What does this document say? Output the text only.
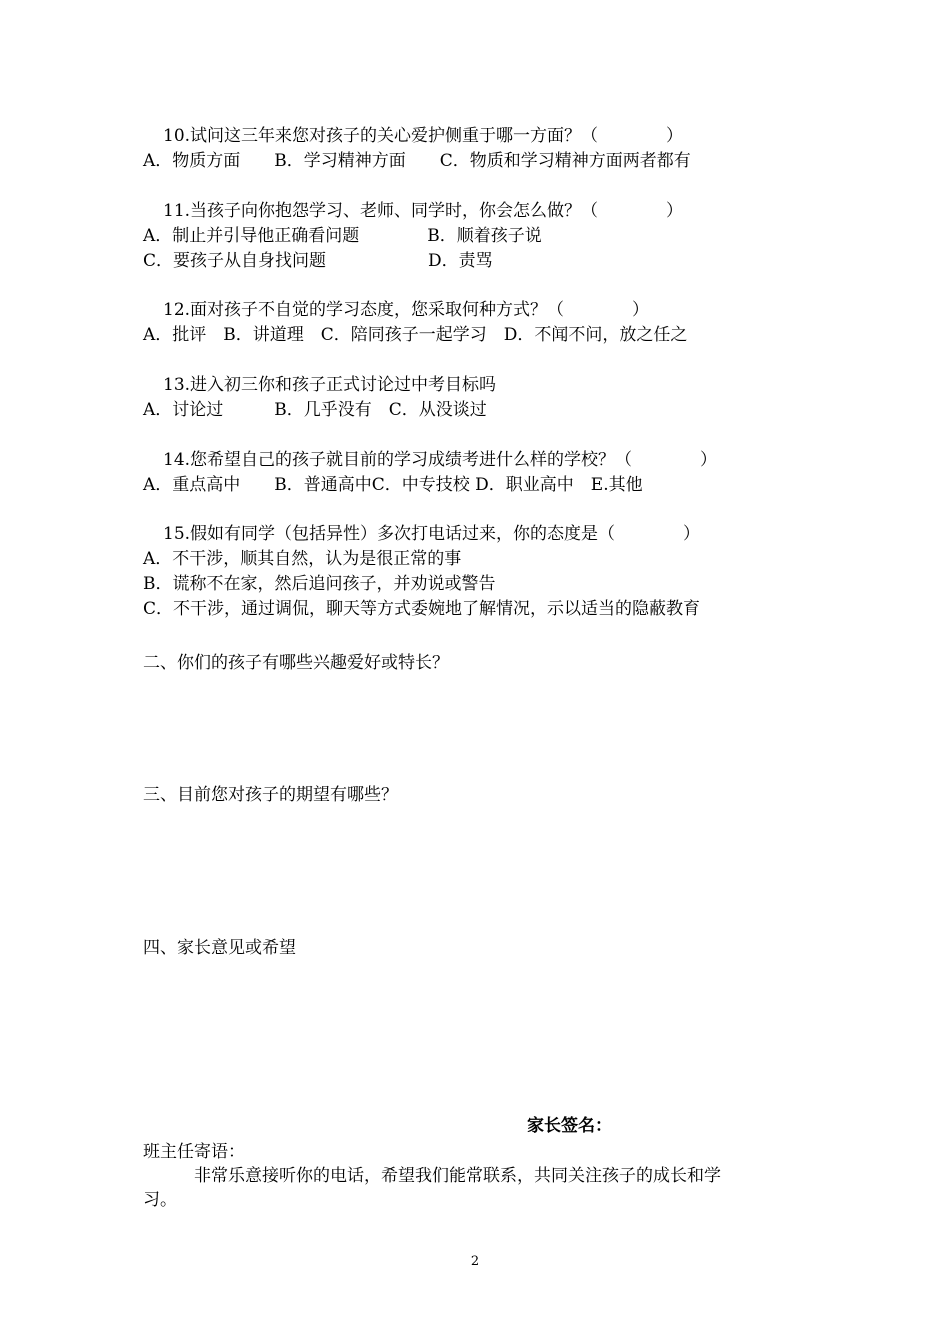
10.试问这三年来您对孩子的关心爱护侧重于哪一方面？（　　　　）
A．物质方面　　B．学习精神方面　　C．物质和学习精神方面两者都有
11.当孩子向你抱怨学习、老师、同学时，你会怎么做？（　　　　）
A．制止并引导他正确看问题　　　　B．顺着孩子说
C．要孩子从自身找问题　　　　　　D．责骂
12.面对孩子不自觉的学习态度，您采取何种方式？（　　　　）
A．批评　B．讲道理　C．陪同孩子一起学习　D．不闻不问，放之任之
13.进入初三你和孩子正式讨论过中考目标吗
A．讨论过　　　B．几乎没有　C．从没谈过
14.您希望自己的孩子就目前的学习成绩考进什么样的学校？（　　　　）
A．重点高中　　B．普通高中C．中专技校 D．职业高中　E.其他
15.假如有同学（包括异性）多次打电话过来，你的态度是（　　　　）
A．不干涉，顺其自然，认为是很正常的事
B．谎称不在家，然后追问孩子，并劝说或警告
C．不干涉，通过调侃，聊天等方式委婉地了解情况，示以适当的隐蔽教育
二、你们的孩子有哪些兴趣爱好或特长？
三、目前您对孩子的期望有哪些？
四、家长意见或希望
家长签名：
班主任寄语：
　　　非常乐意接听你的电话，希望我们能常联系，共同关注孩子的成长和学
习。
2
